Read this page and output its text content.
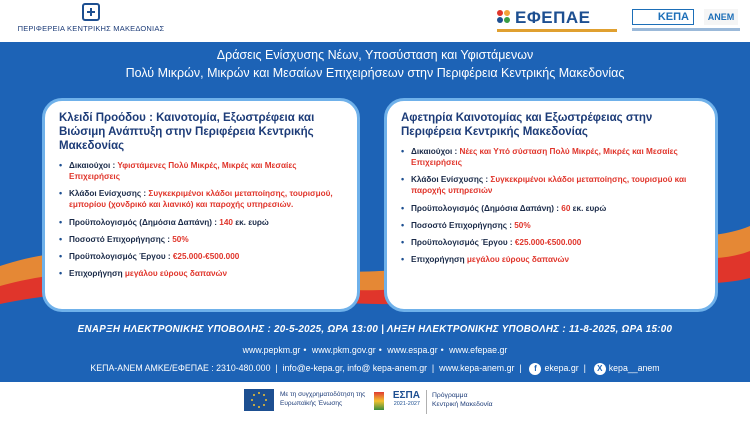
ΠΕΡΙΦΕΡΕΙΑ ΚΕΝΤΡΙΚΗΣ ΜΑΚΕΔΟΝΙΑΣ
ΕΦΕΠΑΕ	ΚΕΠΑ	ΑΝΕΜ
Δράσεις Ενίσχυσης Νέων, Υποσύσταση και Υφιστάμενων
Πολύ Μικρών, Μικρών και Μεσαίων Επιχειρήσεων στην Περιφέρεια Κεντρικής Μακεδονίας
Κλειδί Προόδου : Καινοτομία, Εξωστρέφεια και Βιώσιμη Ανάπτυξη στην Περιφέρεια Κεντρικής Μακεδονίας
• Δικαιούχοι : Υφιστάμενες Πολύ Μικρές, Μικρές και Μεσαίες Επιχειρήσεις
• Κλάδοι Ενίσχυσης : Συγκεκριμένοι κλάδοι μεταποίησης, τουρισμού, εμπορίου (χονδρικό και λιανικό) και παροχής υπηρεσιών.
• Προϋπολογισμός (Δημόσια Δαπάνη) : 140 εκ. ευρώ
• Ποσοστό Επιχορήγησης : 50%
• Προϋπολογισμός Έργου : €25.000-€500.000
• Επιχορήγηση μεγάλου εύρους δαπανών
Αφετηρία Καινοτομίας και Εξωστρέφειας στην Περιφέρεια Κεντρικής Μακεδονίας
• Δικαιούχοι : Νέες και Υπό σύσταση Πολύ Μικρές, Μικρές και Μεσαίες Επιχειρήσεις
• Κλάδοι Ενίσχυσης : Συγκεκριμένοι κλάδοι μεταποίησης, τουρισμού και παροχής υπηρεσιών
• Προϋπολογισμός (Δημόσια Δαπάνη) : 60 εκ. ευρώ
• Ποσοστό Επιχορήγησης : 50%
• Προϋπολογισμός Έργου : €25.000-€500.000
• Επιχορήγηση μεγάλου εύρους δαπανών
ΕΝΑΡΞΗ ΗΛΕΚΤΡΟΝΙΚΗΣ ΥΠΟΒΟΛΗΣ : 20-5-2025, ΩΡΑ 13:00 | ΛΗΞΗ ΗΛΕΚΤΡΟΝΙΚΗΣ ΥΠΟΒΟΛΗΣ : 11-8-2025, ΩΡΑ 15:00
www.pepkm.gr • www.pkm.gov.gr • www.espa.gr • www.efepae.gr
ΚΕΠΑ-ΑΝΕΜ ΑΜΚΕ/ΕΦΕΠΑΕ : 2310-480.000  |  info@e-kepa.gr, info@ kepa-anem.gr  |  www.kepa-anem.gr  |  f ekepa.gr  |  X kepa__anem
Με τη συγχρηματοδότηση της Ευρωπαϊκής Ένωσης
ΕΣΠΑ
2021-2027
Πρόγραμμα
Κεντρική Μακεδονία
